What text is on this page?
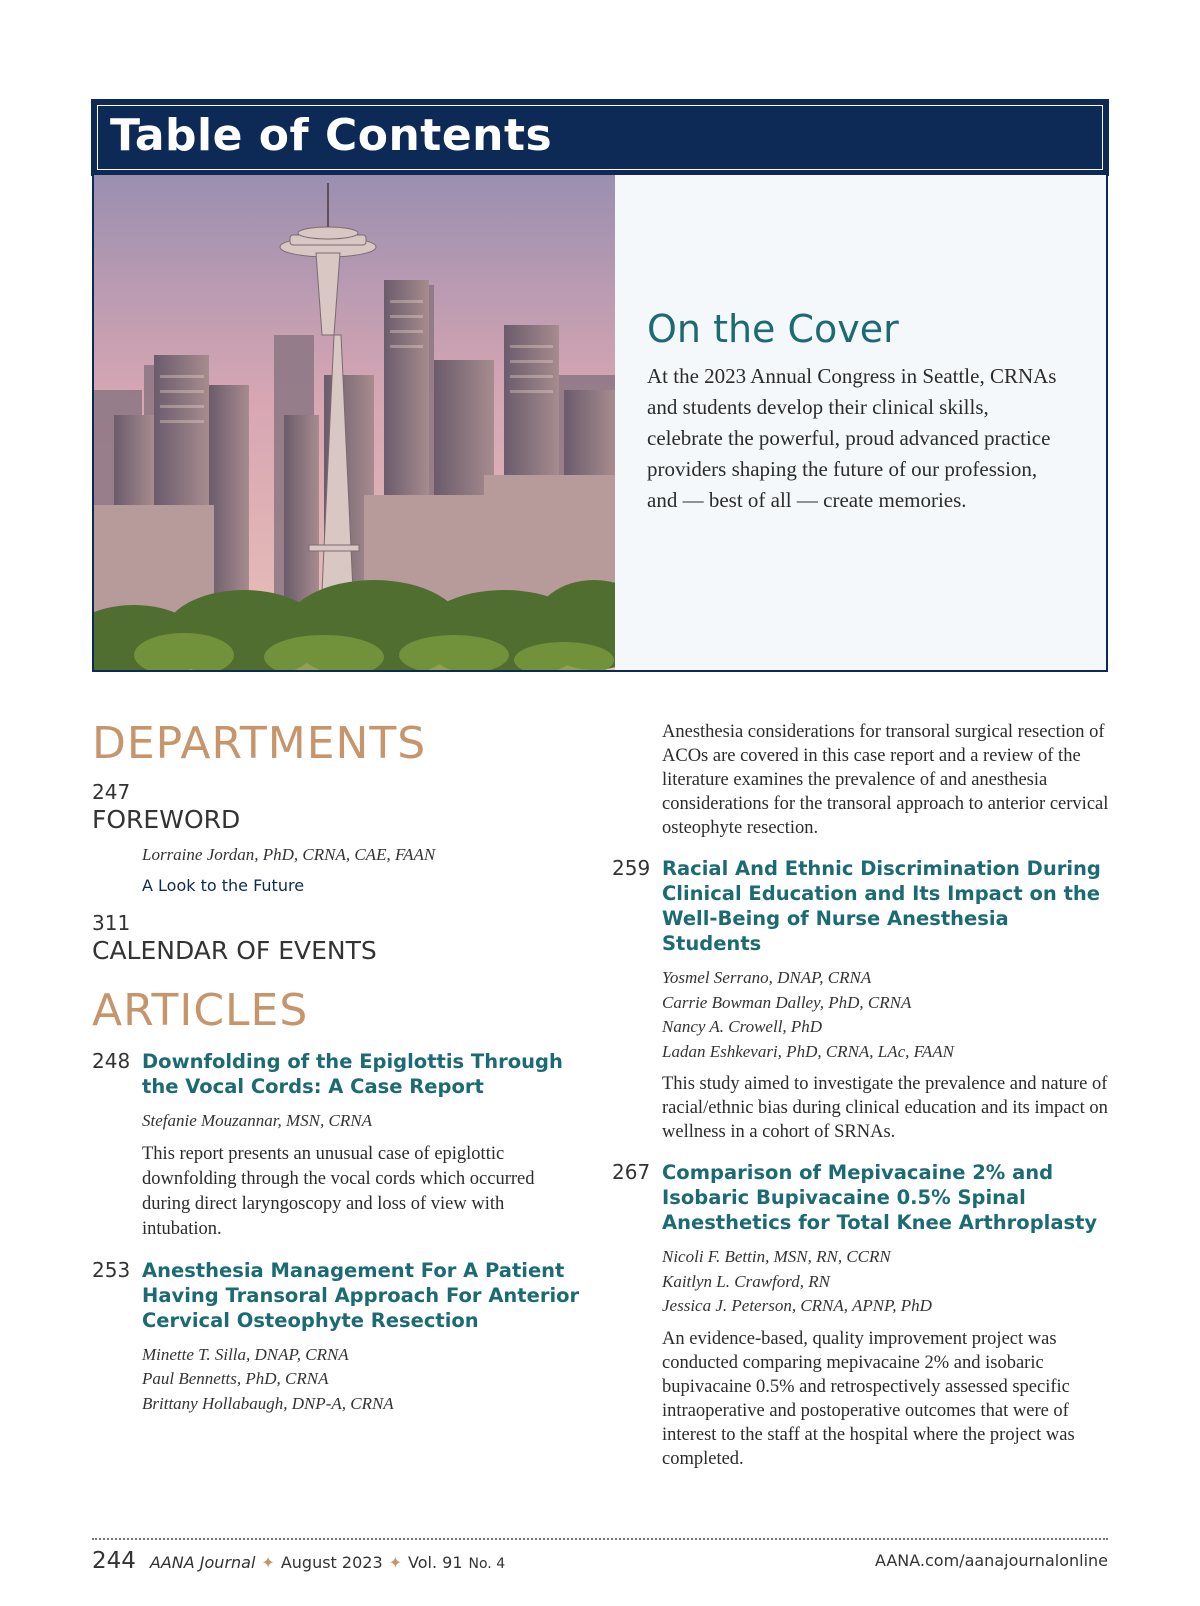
Table of Contents
On the Cover
At the 2023 Annual Congress in Seattle, CRNAs and students develop their clinical skills, celebrate the powerful, proud advanced practice providers shaping the future of our profession, and — best of all — create memories.
DEPARTMENTS
247
FOREWORD
Lorraine Jordan, PhD, CRNA, CAE, FAAN
A Look to the Future
311
CALENDAR OF EVENTS
ARTICLES
248 Downfolding of the Epiglottis Through the Vocal Cords: A Case Report
Stefanie Mouzannar, MSN, CRNA
This report presents an unusual case of epiglottic downfolding through the vocal cords which occurred during direct laryngoscopy and loss of view with intubation.
253 Anesthesia Management For A Patient Having Transoral Approach For Anterior Cervical Osteophyte Resection
Minette T. Silla, DNAP, CRNA
Paul Bennetts, PhD, CRNA
Brittany Hollabaugh, DNP-A, CRNA
Anesthesia considerations for transoral surgical resection of ACOs are covered in this case report and a review of the literature examines the prevalence of and anesthesia considerations for the transoral approach to anterior cervical osteophyte resection.
259 Racial And Ethnic Discrimination During Clinical Education and Its Impact on the Well-Being of Nurse Anesthesia Students
Yosmel Serrano, DNAP, CRNA
Carrie Bowman Dalley, PhD, CRNA
Nancy A. Crowell, PhD
Ladan Eshkevari, PhD, CRNA, LAc, FAAN
This study aimed to investigate the prevalence and nature of racial/ethnic bias during clinical education and its impact on wellness in a cohort of SRNAs.
267 Comparison of Mepivacaine 2% and Isobaric Bupivacaine 0.5% Spinal Anesthetics for Total Knee Arthroplasty
Nicoli F. Bettin, MSN, RN, CCRN
Kaitlyn L. Crawford, RN
Jessica J. Peterson, CRNA, APNP, PhD
An evidence-based, quality improvement project was conducted comparing mepivacaine 2% and isobaric bupivacaine 0.5% and retrospectively assessed specific intraoperative and postoperative outcomes that were of interest to the staff at the hospital where the project was completed.
244 AANA Journal ✦ August 2023 ✦ Vol. 91 No. 4	AANA.com/aanajournalonline
